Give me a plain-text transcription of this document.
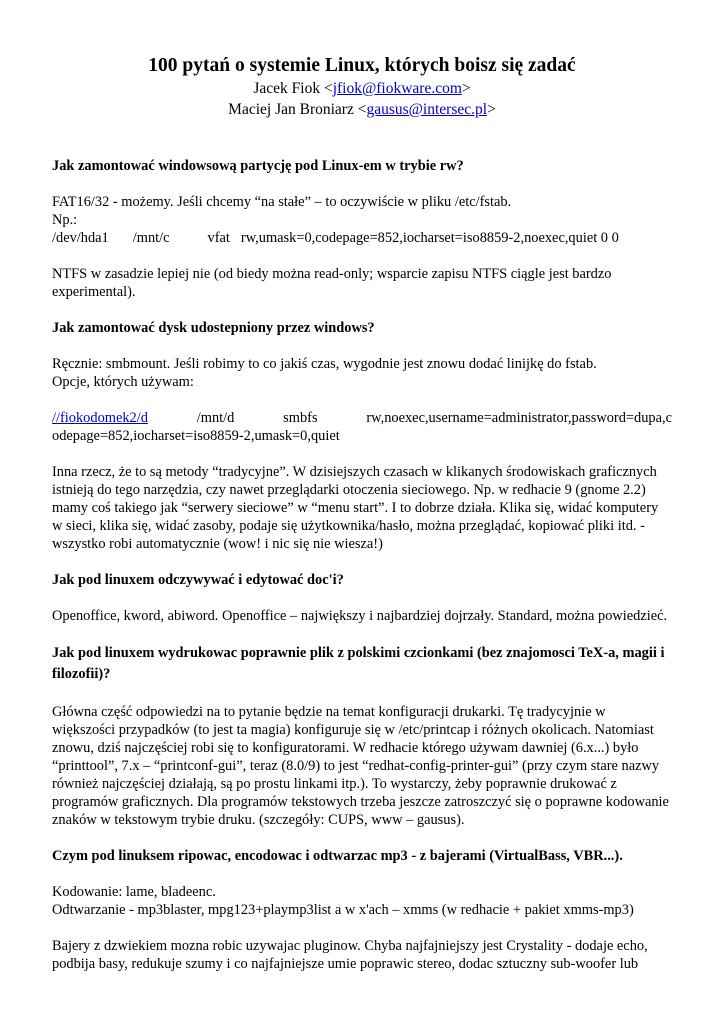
100 pytań o systemie Linux, których boisz się zadać
Jacek Fiok <jfiok@fiokware.com>
Maciej Jan Broniarz <gausus@intersec.pl>
Jak zamontować windowsową partycję pod Linux-em w trybie rw?

FAT16/32 - możemy. Jeśli chcemy “na stałe” – to oczywiście w pliku /etc/fstab.

Np.:

/dev/hda1 /mnt/c	vfat rw,umask=0,codepage=852,iocharset=iso8859-2,noexec,quiet 0 0

NTFS w zasadzie lepiej nie (od biedy można read-only; wsparcie zapisu NTFS ciągle jest bardzo experimental).

Jak zamontować dysk udostepniony przez windows?

Ręcznie: smbmount. Jeśli robimy to co jakiś czas, wygodnie jest znowu dodać linijkę do fstab.

Opcje, których używam:

//fiokodomek2/d	/mnt/d	smbfs	rw,noexec,username=administrator,password=dupa,c

odepage=852,iocharset=iso8859-2,umask=0,quiet

Inna rzecz, że to są metody “tradycyjne”. W dzisiejszych czasach w klikanych środowiskach graficznych istnieją do tego narzędzia, czy nawet przeglądarki otoczenia sieciowego. Np. w redhacie 9 (gnome 2.2) mamy coś takiego jak “serwery sieciowe” w “menu start”. I to dobrze działa. Klika się, widać komputery w sieci, klika się, widać zasoby, podaje się użytkownika/hasło, można przeglądać, kopiować pliki itd. - wszystko robi automatycznie (wow! i nic się nie wiesza!)

Jak pod linuxem odczywywać i edytować doc'i?

Openoffice, kword, abiword. Openoffice – największy i najbardziej dojrzały. Standard, można powiedzieć.

Jak pod linuxem wydrukowac poprawnie plik z polskimi czcionkami (bez znajomosci TeX-a, magii i filozofii)?

Główna część odpowiedzi na to pytanie będzie na temat konfiguracji drukarki. Tę tradycyjnie w większości przypadków (to jest ta magia) konfiguruje się w /etc/printcap i różnych okolicach. Natomiast znowu, dziś najczęściej robi się to konfiguratorami. W redhacie którego używam dawniej (6.x...) było “printtool”, 7.x – “printconf-gui”, teraz (8.0/9) to jest “redhat-config-printer-gui” (przy czym stare nazwy również najczęściej działają, są po prostu linkami itp.). To wystarczy, żeby poprawnie drukować z programów graficznych. Dla programów tekstowych trzeba jeszcze zatroszczyć się o poprawne kodowanie znaków w tekstowym trybie druku. (szczegóły: CUPS, www – gausus).

Czym pod linuksem ripowac, encodowac i odtwarzac mp3 - z bajerami (VirtualBass, VBR...).

Kodowanie: lame, bladeenc.

Odtwarzanie - mp3blaster, mpg123+playmp3list a w x'ach – xmms (w redhacie + pakiet xmms-mp3)

Bajery z dzwiekiem mozna robic uzywajac pluginow. Chyba najfajniejszy jest Crystality - dodaje echo, podbija basy, redukuje szumy i co najfajniejsze umie poprawic stereo, dodac sztuczny sub-woofer lub
